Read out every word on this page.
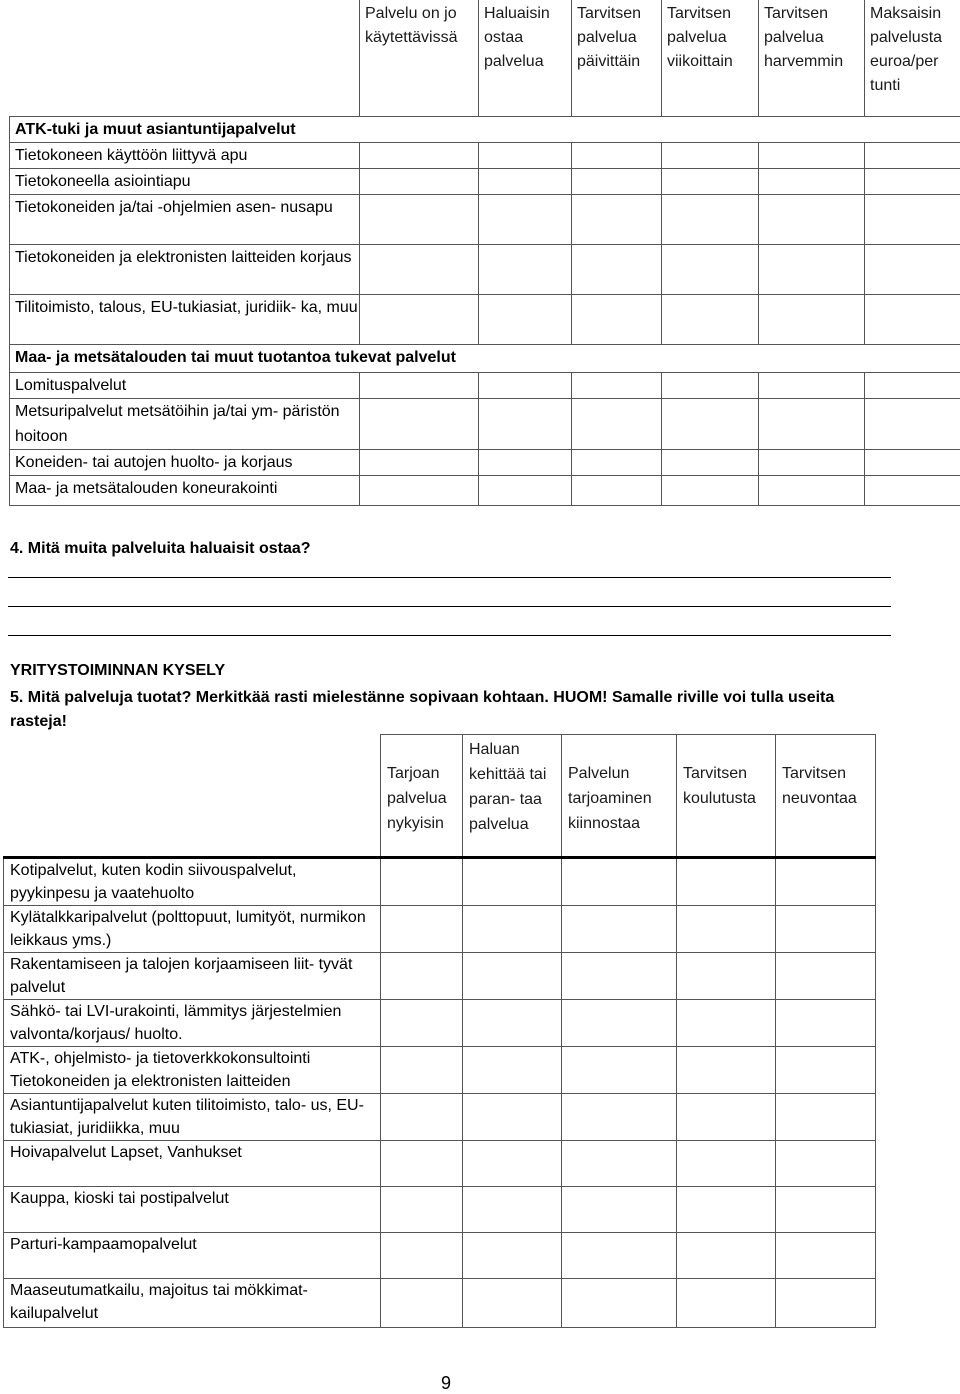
	Palvelu on jo käytettävissä	Haluaisin ostaa palvelua	Tarvitsen palvelua päivittäin	Tarvitsen palvelua viikoittain	Tarvitsen palvelua harvemmin	Maksaisin palvelusta euroa/per tunti
ATK-tuki ja muut asiantuntijapalvelut						
Tietokoneen käyttöön liittyvä apu						
Tietokoneella asiointiapu						
Tietokoneiden ja/tai -ohjelmien asen- nusapu						
Tietokoneiden ja elektronisten laitteiden korjaus						
Tilitoimisto, talous, EU-tukiasiat, juridiik- ka, muu						
Maa- ja metsätalouden tai muut tuotantoa tukevat palvelut						
Lomituspalvelut						
Metsuripalvelut metsätöihin ja/tai ym- päristön hoitoon						
Koneiden- tai autojen huolto- ja korjaus						
Maa- ja metsätalouden koneurakointi						
4. Mitä muita palveluita haluaisit ostaa?
YRITYSTOIMINNAN KYSELY
5. Mitä palveluja tuotat? Merkitkää rasti mielestänne sopivaan kohtaan. HUOM! Samalle riville voi tulla useita rasteja!
	Tarjoan palvelua nykyisin	Haluan kehittää tai paran- taa palvelua	Palvelun tarjoaminen kiinnostaa	Tarvitsen koulutusta	Tarvitsen neuvontaa
Kotipalvelut, kuten kodin siivouspalvelut, pyykinpesu ja vaatehuolto					
Kylätalkkaripalvelut (polttopuut, lumityöt, nurmikon leikkaus yms.)					
Rakentamiseen ja talojen korjaamiseen liit- tyvät palvelut					
Sähkö- tai LVI-urakointi, lämmitys järjestelmien valvonta/korjaus/ huolto.					
ATK-, ohjelmisto- ja tietoverkkokonsultointi Tietokoneiden ja elektronisten laitteiden					
Asiantuntijapalvelut kuten tilitoimisto, talo- us, EU-tukiasiat, juridiikka, muu					
Hoivapalvelut Lapset, Vanhukset					
Kauppa, kioski tai postipalvelut					
Parturi-kampaamopalvelut					
Maaseutumatkailu, majoitus tai mökkimat- kailupalvelut					
9
